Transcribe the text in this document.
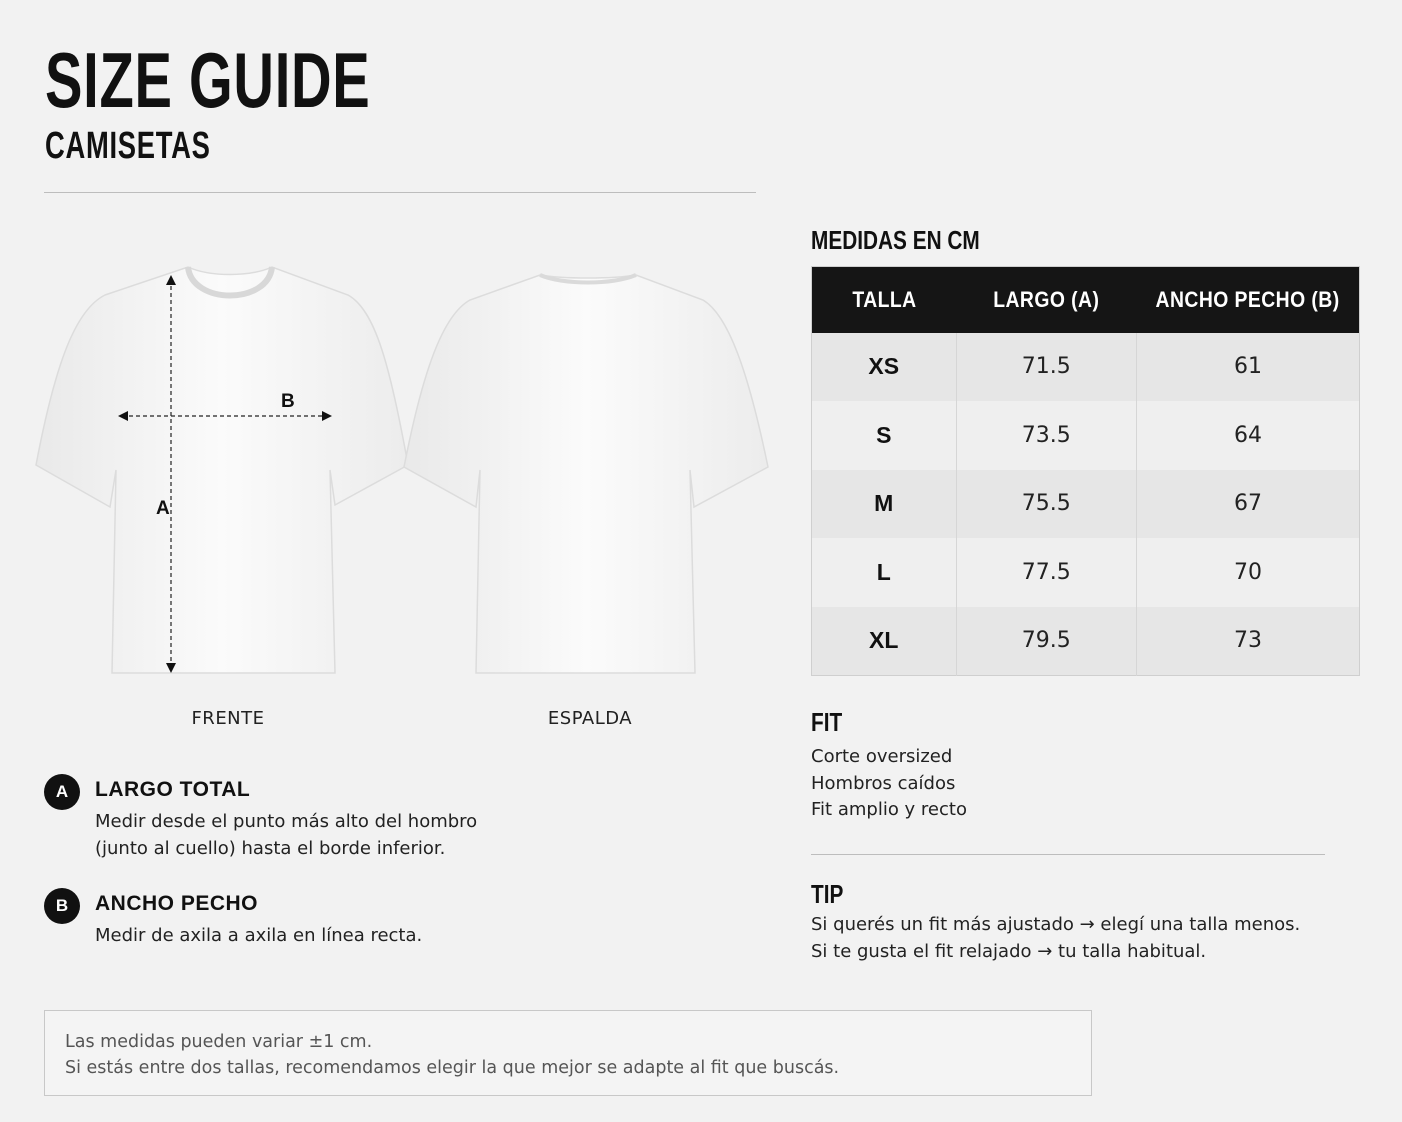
SIZE GUIDE
CAMISETAS
A
B
FRENTE	ESPALDA
A	LARGO TOTAL
Medir desde el punto más alto del hombro
(junto al cuello) hasta el borde inferior.
B	ANCHO PECHO
Medir de axila a axila en línea recta.
MEDIDAS EN CM
TALLA	LARGO (A)	ANCHO PECHO (B)
XS	71.5	61
S	73.5	64
M	75.5	67
L	77.5	70
XL	79.5	73
FIT
Corte oversized
Hombros caídos
Fit amplio y recto
TIP
Si querés un fit más ajustado → elegí una talla menos.
Si te gusta el fit relajado → tu talla habitual.
Las medidas pueden variar ±1 cm.
Si estás entre dos tallas, recomendamos elegir la que mejor se adapte al fit que buscás.
